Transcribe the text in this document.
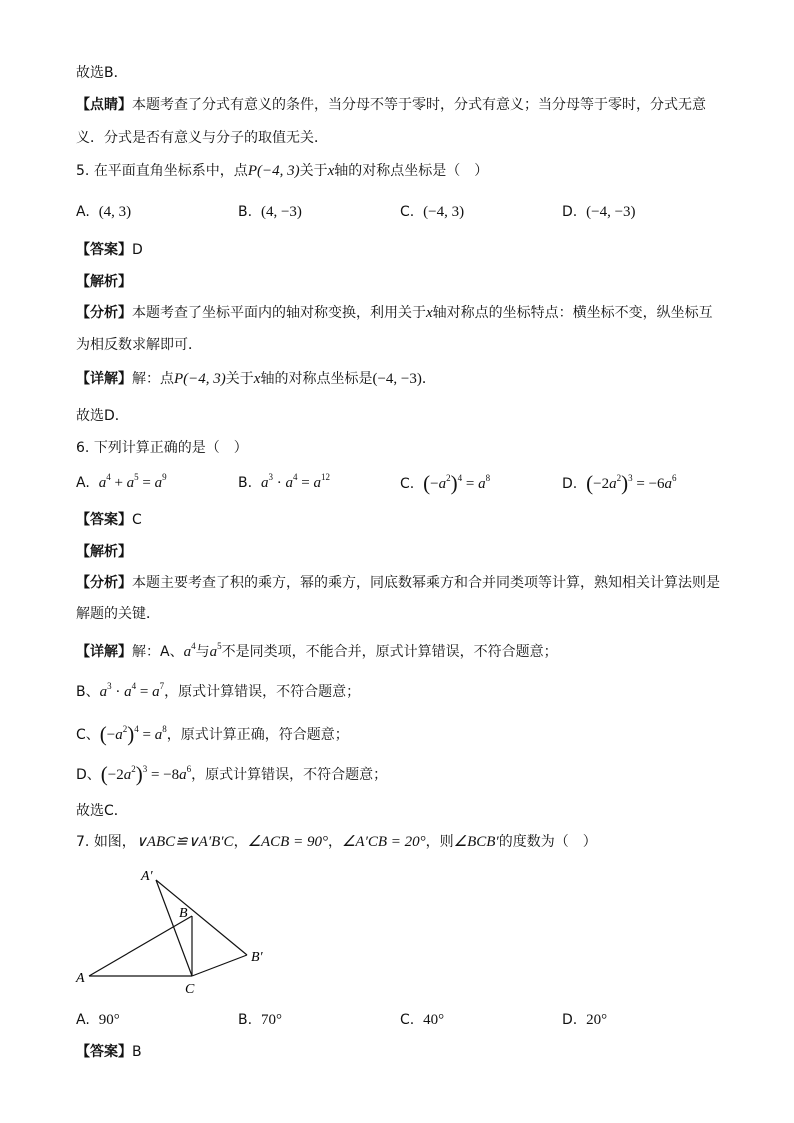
故选B．
【点睛】本题考查了分式有意义的条件，当分母不等于零时，分式有意义；当分母等于零时，分式无意
义．分式是否有意义与分子的取值无关．
5. 在平面直角坐标系中，点P(−4, 3)关于x轴的对称点坐标是（　）
A. (4, 3)	B. (4, −3)	C. (−4, 3)	D. (−4, −3)
【答案】D
【解析】
【分析】本题考查了坐标平面内的轴对称变换，利用关于x轴对称点的坐标特点：横坐标不变，纵坐标互
为相反数求解即可．
【详解】解：点P(−4, 3)关于x轴的对称点坐标是(−4, −3)．
故选D．
6. 下列计算正确的是（　）
A. $a^4 + a^5 = a^9$	B. $a^3 \cdot a^4 = a^{12}$	C. $(-a^2)^4 = a^8$	D. $(-2a^2)^3 = -6a^6$
【答案】C
【解析】
【分析】本题主要考查了积的乘方，幂的乘方，同底数幂乘方和合并同类项等计算，熟知相关计算法则是
解题的关键．
【详解】解：A、$a^4$与$a^5$不是同类项，不能合并，原式计算错误，不符合题意；
B、$a^3 \cdot a^4 = a^7$，原式计算错误，不符合题意；
C、$(-a^2)^4 = a^8$，原式计算正确，符合题意；
D、$(-2a^2)^3 = -8a^6$，原式计算错误，不符合题意；
故选C．
7. 如图，∨ABC≌∨A′B′C，∠ACB = 90°，∠A′CB = 20°，则∠BCB′的度数为（　）
A′
B
B′
A
C
A. 90°	B. 70°	C. 40°	D. 20°
【答案】B
